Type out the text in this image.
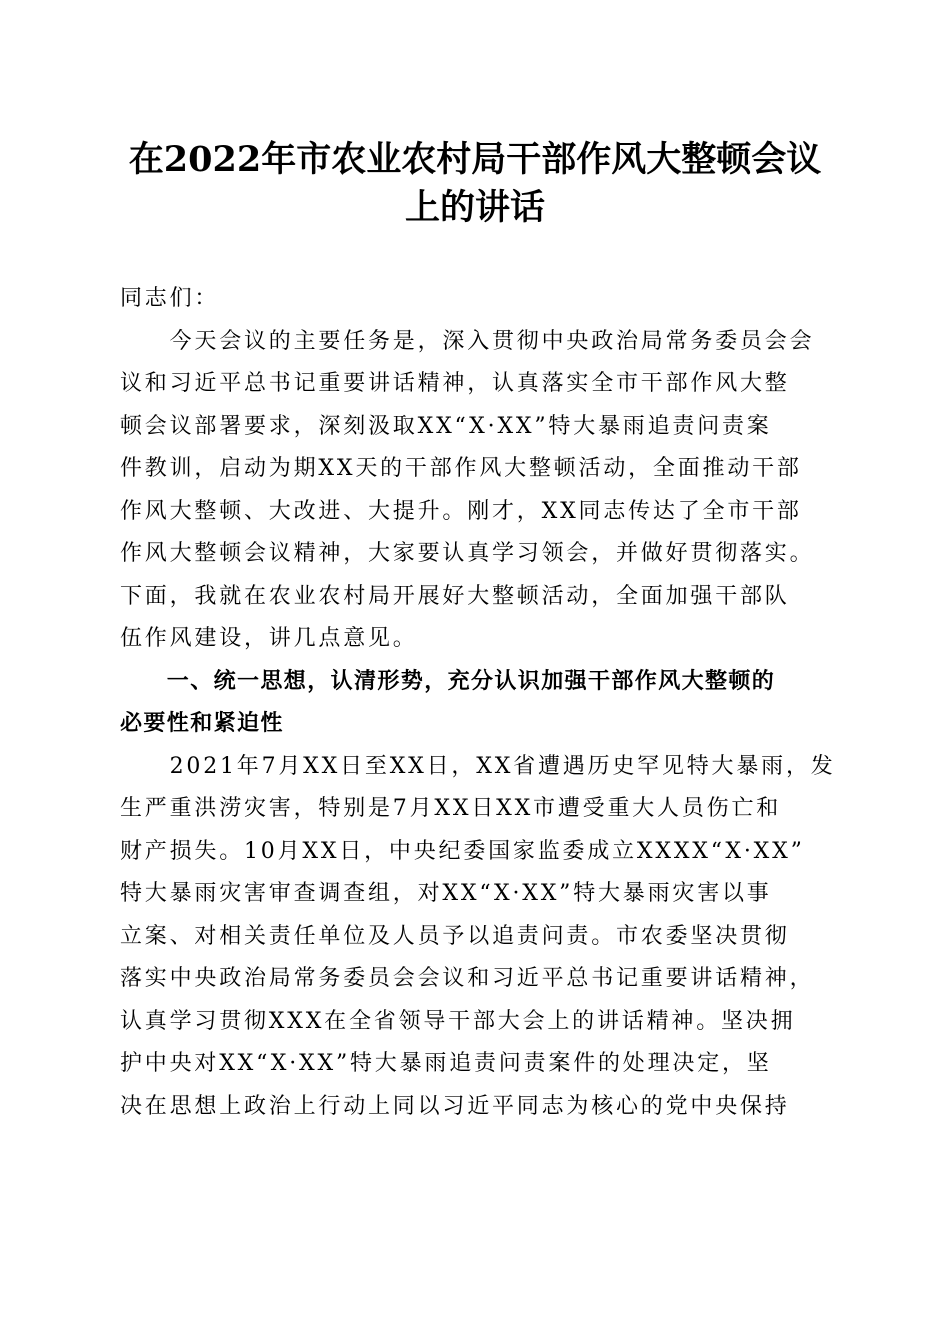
在2022年市农业农村局干部作风大整顿会议
上的讲话
同志们：
　　今天会议的主要任务是，深入贯彻中央政治局常务委员会会
议和习近平总书记重要讲话精神，认真落实全市干部作风大整
顿会议部署要求，深刻汲取XX“X·XX”特大暴雨追责问责案
件教训，启动为期XX天的干部作风大整顿活动，全面推动干部
作风大整顿、大改进、大提升。刚才，XX同志传达了全市干部
作风大整顿会议精神，大家要认真学习领会，并做好贯彻落实。
下面，我就在农业农村局开展好大整顿活动，全面加强干部队
伍作风建设，讲几点意见。
　　一、统一思想，认清形势，充分认识加强干部作风大整顿的
必要性和紧迫性
　　2021年7月XX日至XX日，XX省遭遇历史罕见特大暴雨，发
生严重洪涝灾害，特别是7月XX日XX市遭受重大人员伤亡和
财产损失。10月XX日，中央纪委国家监委成立XXXX“X·XX”
特大暴雨灾害审查调查组，对XX“X·XX”特大暴雨灾害以事
立案、对相关责任单位及人员予以追责问责。市农委坚决贯彻
落实中央政治局常务委员会会议和习近平总书记重要讲话精神，
认真学习贯彻XXX在全省领导干部大会上的讲话精神。坚决拥
护中央对XX“X·XX”特大暴雨追责问责案件的处理决定，坚
决在思想上政治上行动上同以习近平同志为核心的党中央保持
